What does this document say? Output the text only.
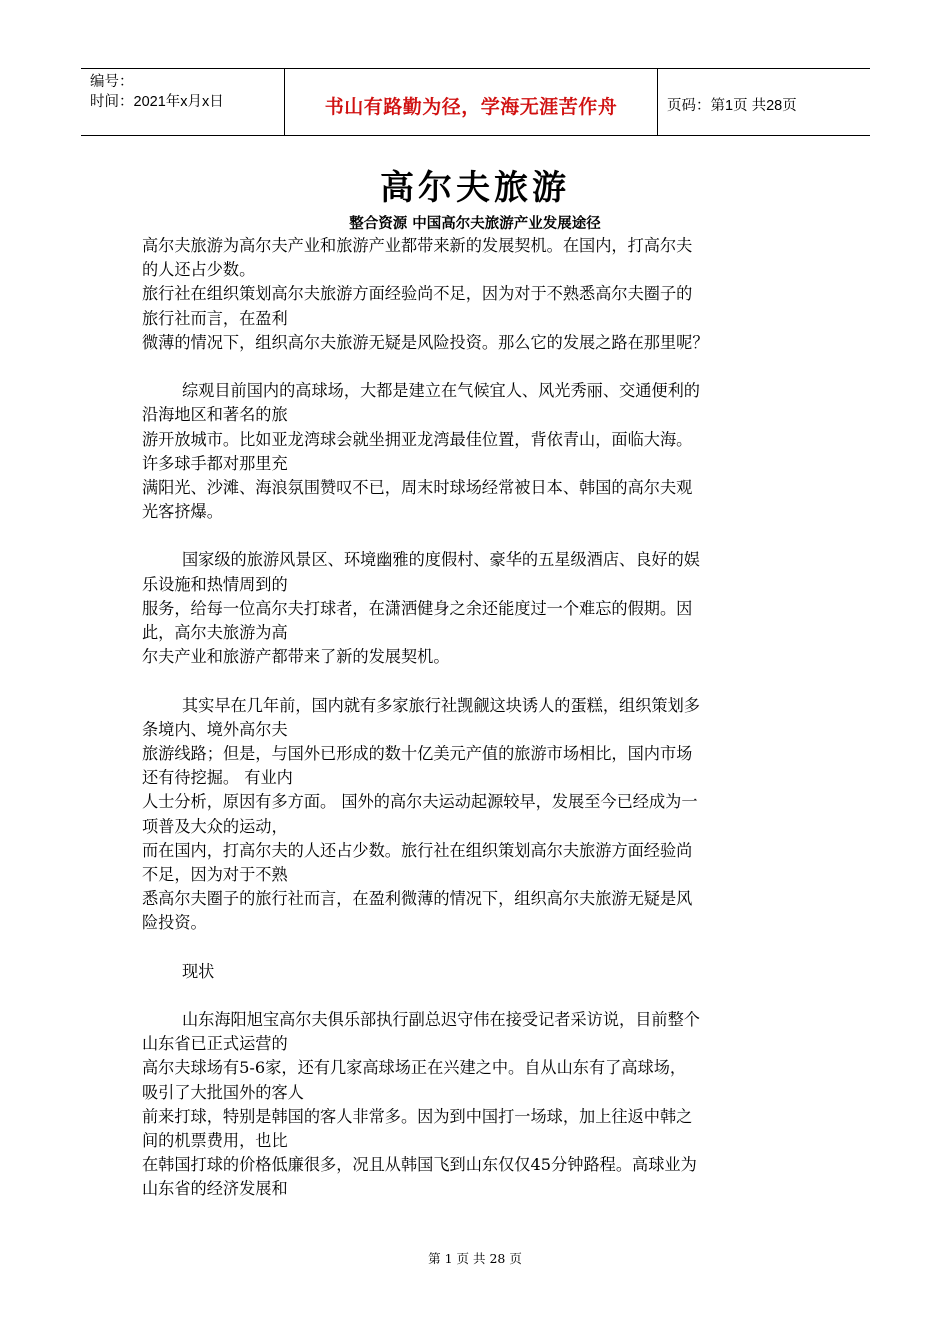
编号：
时间：2021年x月x日	书山有路勤为径，学海无涯苦作舟	页码：第1页 共28页
高尔夫旅游
整合资源 中国高尔夫旅游产业发展途径
高尔夫旅游为高尔夫产业和旅游产业都带来新的发展契机。在国内，打高尔夫
的人还占少数。
旅行社在组织策划高尔夫旅游方面经验尚不足，因为对于不熟悉高尔夫圈子的
旅行社而言，在盈利
微薄的情况下，组织高尔夫旅游无疑是风险投资。那么它的发展之路在那里呢？
综观目前国内的高球场，大都是建立在气候宜人、风光秀丽、交通便利的
沿海地区和著名的旅
游开放城市。比如亚龙湾球会就坐拥亚龙湾最佳位置，背依青山，面临大海。
许多球手都对那里充
满阳光、沙滩、海浪氛围赞叹不已，周末时球场经常被日本、韩国的高尔夫观
光客挤爆。
国家级的旅游风景区、环境幽雅的度假村、豪华的五星级酒店、良好的娱
乐设施和热情周到的
服务，给每一位高尔夫打球者，在潇洒健身之余还能度过一个难忘的假期。因
此，高尔夫旅游为高
尔夫产业和旅游产都带来了新的发展契机。
其实早在几年前，国内就有多家旅行社觊觎这块诱人的蛋糕，组织策划多
条境内、境外高尔夫
旅游线路；但是，与国外已形成的数十亿美元产值的旅游市场相比，国内市场
还有待挖掘。 有业内
人士分析，原因有多方面。 国外的高尔夫运动起源较早，发展至今已经成为一
项普及大众的运动，
而在国内，打高尔夫的人还占少数。旅行社在组织策划高尔夫旅游方面经验尚
不足，因为对于不熟
悉高尔夫圈子的旅行社而言，在盈利微薄的情况下，组织高尔夫旅游无疑是风
险投资。
现状
山东海阳旭宝高尔夫俱乐部执行副总迟守伟在接受记者采访说，目前整个
山东省已正式运营的
高尔夫球场有5-6家，还有几家高球场正在兴建之中。自从山东有了高球场，
吸引了大批国外的客人
前来打球，特别是韩国的客人非常多。因为到中国打一场球，加上往返中韩之
间的机票费用，也比
在韩国打球的价格低廉很多，况且从韩国飞到山东仅仅45分钟路程。高球业为
山东省的经济发展和
第 1 页 共 28 页
